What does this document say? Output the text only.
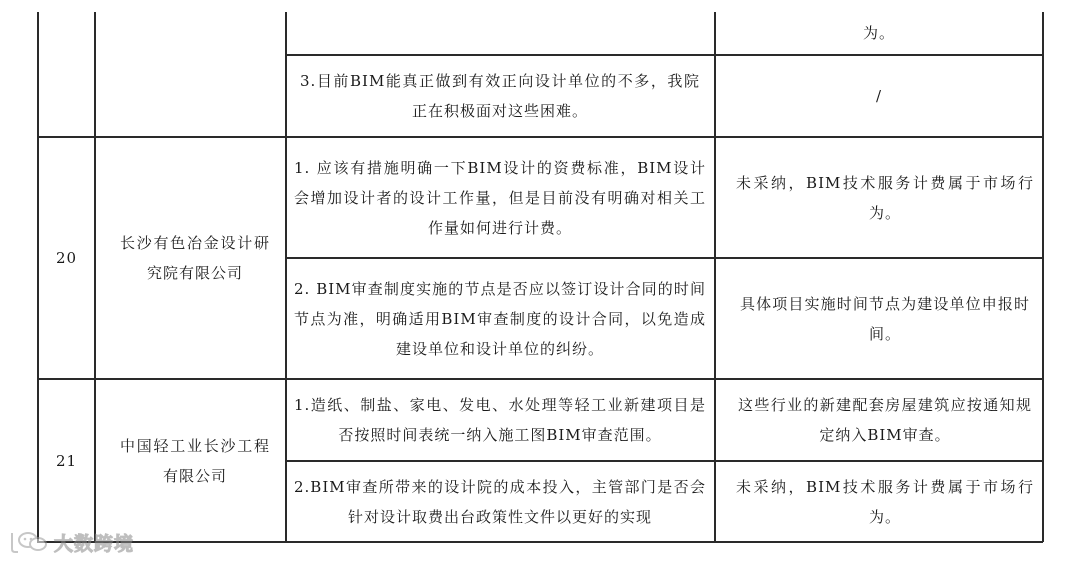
为。
3.目前BIM能真正做到有效正向设计单位的不多，我院正在积极面对这些困难。
/
20
长沙有色冶金设计研究院有限公司
1. 应该有措施明确一下BIM设计的资费标准，BIM设计会增加设计者的设计工作量，但是目前没有明确对相关工作量如何进行计费。
未采纳，BIM技术服务计费属于市场行为。
2. BIM审查制度实施的节点是否应以签订设计合同的时间节点为准，明确适用BIM审查制度的设计合同，以免造成建设单位和设计单位的纠纷。
具体项目实施时间节点为建设单位申报时间。
21
中国轻工业长沙工程有限公司
1.造纸、制盐、家电、发电、水处理等轻工业新建项目是否按照时间表统一纳入施工图BIM审查范围。
这些行业的新建配套房屋建筑应按通知规定纳入BIM审查。
2.BIM审查所带来的设计院的成本投入，主管部门是否会针对设计取费出台政策性文件以更好的实现
未采纳，BIM技术服务计费属于市场行为。
大数跨境
